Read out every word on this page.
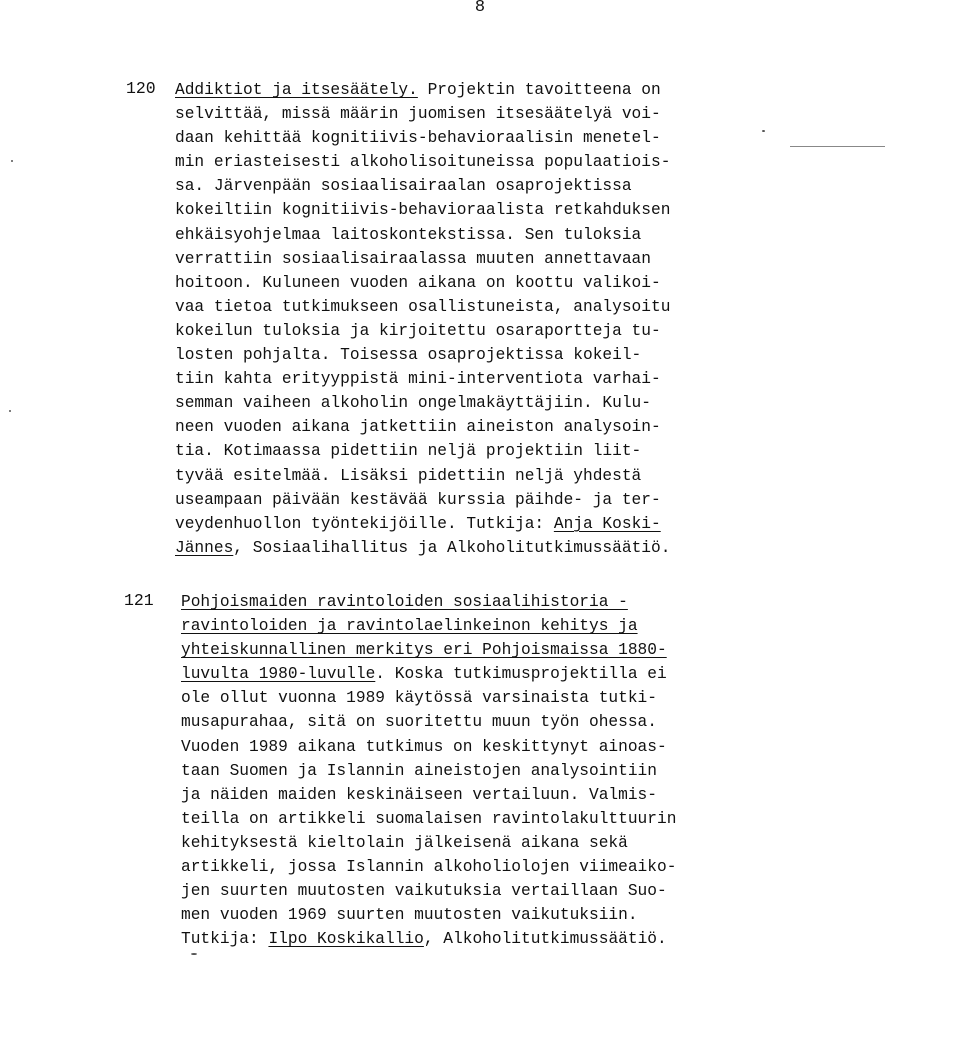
8
120 Addiktiot ja itsesäätely. Projektin tavoitteena on
selvittää, missä määrin juomisen itsesäätelyä voi-
daan kehittää kognitiivis-behavioraalisin menetel-
min eriasteisesti alkoholisoituneissa populaatiois-
sa. Järvenpään sosiaalisairaalan osaprojektissa
kokeiltiin kognitiivis-behavioraalista retkahduksen
ehkäisyohjelmaa laitoskontekstissa. Sen tuloksia
verrattiin sosiaalisairaalassa muuten annettavaan
hoitoon. Kuluneen vuoden aikana on koottu valikoi-
vaa tietoa tutkimukseen osallistuneista, analysoitu
kokeilun tuloksia ja kirjoitettu osaraportteja tu-
losten pohjalta. Toisessa osaprojektissa kokeil-
tiin kahta erityyppistä mini-interventiota varhai-
semman vaiheen alkoholin ongelmakäyttäjiin. Kulu-
neen vuoden aikana jatkettiin aineiston analysoin-
tia. Kotimaassa pidettiin neljä projektiin liit-
tyvää esitelmää. Lisäksi pidettiin neljä yhdestä
useampaan päivään kestävää kurssia päihde- ja ter-
veydenhuollon työntekijöille. Tutkija: Anja Koski-
Jännes, Sosiaalihallitus ja Alkoholitutkimussäätiö.
121 Pohjoismaiden ravintoloiden sosiaalihistoria -
ravintoloiden ja ravintolaelinkeinon kehitys ja
yhteiskunnallinen merkitys eri Pohjoismaissa 1880-
luvulta 1980-luvulle. Koska tutkimusprojektilla ei
ole ollut vuonna 1989 käytössä varsinaista tutki-
musapurahaa, sitä on suoritettu muun työn ohessa.
Vuoden 1989 aikana tutkimus on keskittynyt ainoas-
taan Suomen ja Islannin aineistojen analysointiin
ja näiden maiden keskinäiseen vertailuun. Valmis-
teilla on artikkeli suomalaisen ravintolakulttuurin
kehityksestä kieltolain jälkeisenä aikana sekä
artikkeli, jossa Islannin alkoholiolojen viimeaiko-
jen suurten muutosten vaikutuksia vertaillaan Suo-
men vuoden 1969 suurten muutosten vaikutuksiin.
Tutkija: Ilpo Koskikallio, Alkoholitutkimussäätiö.
